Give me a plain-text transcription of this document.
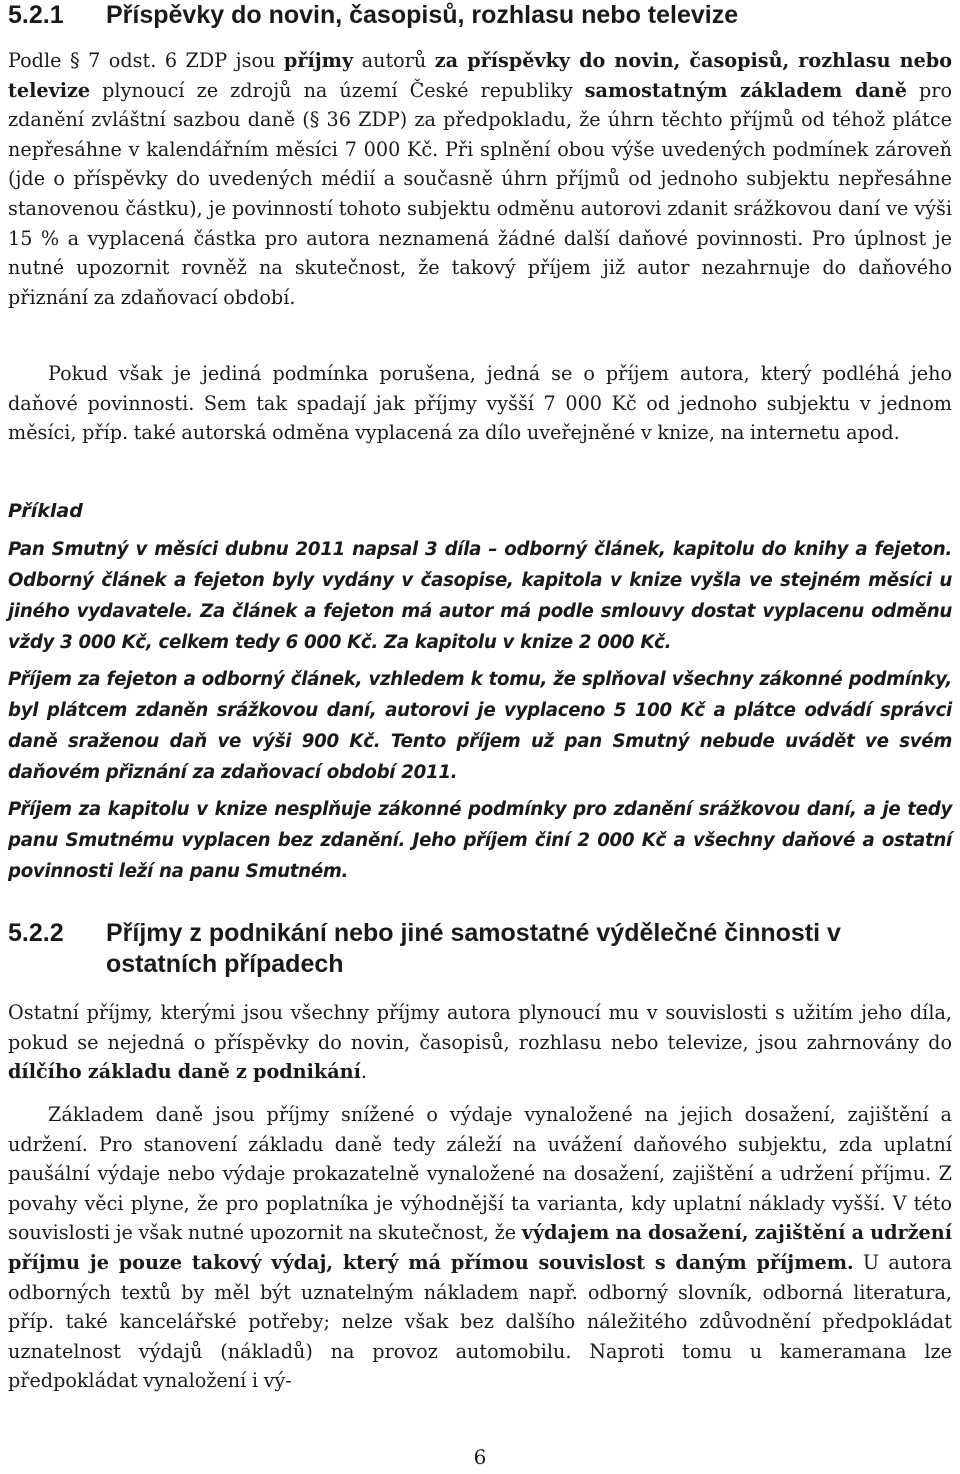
5.2.1	Příspěvky do novin, časopisů, rozhlasu nebo televize

Podle § 7 odst. 6 ZDP jsou příjmy autorů za příspěvky do novin, časopisů, rozhlasu nebo televize plynoucí ze zdrojů na území České republiky samostatným základem daně pro zdanění zvláštní sazbou daně (§ 36 ZDP) za předpokladu, že úhrn těchto příjmů od téhož plátce nepřesáhne v kalendářním měsíci 7 000 Kč. Při splnění obou výše uvedených podmínek zároveň (jde o příspěvky do uvedených médií a současně úhrn příjmů od jednoho subjektu nepřesáhne stanovenou částku), je povinností tohoto subjektu odměnu autorovi zdanit srážkovou daní ve výši 15 % a vyplacená částka pro autora neznamená žádné další daňové povinnosti. Pro úplnost je nutné upozornit rovněž na skutečnost, že takový příjem již autor nezahrnuje do daňového přiznání za zdaňovací období.

Pokud však je jediná podmínka porušena, jedná se o příjem autora, který podléhá jeho daňové povinnosti. Sem tak spadají jak příjmy vyšší 7 000 Kč od jednoho subjektu v jednom měsíci, příp. také autorská odměna vyplacená za dílo uveřejněné v knize, na internetu apod.

Příklad

Pan Smutný v měsíci dubnu 2011 napsal 3 díla – odborný článek, kapitolu do knihy a fejeton. Odborný článek a fejeton byly vydány v časopise, kapitola v knize vyšla ve stejném měsíci u jiného vydavatele. Za článek a fejeton má autor má podle smlouvy dostat vyplacenu odměnu vždy 3 000 Kč, celkem tedy 6 000 Kč. Za kapitolu v knize 2 000 Kč.

Příjem za fejeton a odborný článek, vzhledem k tomu, že splňoval všechny zákonné podmínky, byl plátcem zdaněn srážkovou daní, autorovi je vyplaceno 5 100 Kč a plátce odvádí správci daně sraženou daň ve výši 900 Kč. Tento příjem už pan Smutný nebude uvádět ve svém daňovém přiznání za zdaňovací období 2011.

Příjem za kapitolu v knize nesplňuje zákonné podmínky pro zdanění srážkovou daní, a je tedy panu Smutnému vyplacen bez zdanění. Jeho příjem činí 2 000 Kč a všechny daňové a ostatní povinnosti leží na panu Smutném.

5.2.2	Příjmy z podnikání nebo jiné samostatné výdělečné činnosti v ostatních případech

Ostatní příjmy, kterými jsou všechny příjmy autora plynoucí mu v souvislosti s užitím jeho díla, pokud se nejedná o příspěvky do novin, časopisů, rozhlasu nebo televize, jsou zahrnovány do dílčího základu daně z podnikání.

Základem daně jsou příjmy snížené o výdaje vynaložené na jejich dosažení, zajištění a udržení. Pro stanovení základu daně tedy záleží na uvážení daňového subjektu, zda uplatní paušální výdaje nebo výdaje prokazatelně vynaložené na dosažení, zajištění a udržení příjmu. Z povahy věci plyne, že pro poplatníka je výhodnější ta varianta, kdy uplatní náklady vyšší. V této souvislosti je však nutné upozornit na skutečnost, že výdajem na dosažení, zajištění a udržení příjmu je pouze takový výdaj, který má přímou souvislost s daným příjmem. U autora odborných textů by měl být uznatelným nákladem např. odborný slovník, odborná literatura, příp. také kancelářské potřeby; nelze však bez dalšího náležitého zdůvodnění předpokládat uznatelnost výdajů (nákladů) na provoz automobilu. Naproti tomu u kameramana lze předpokládat vynaložení i vý-

6
